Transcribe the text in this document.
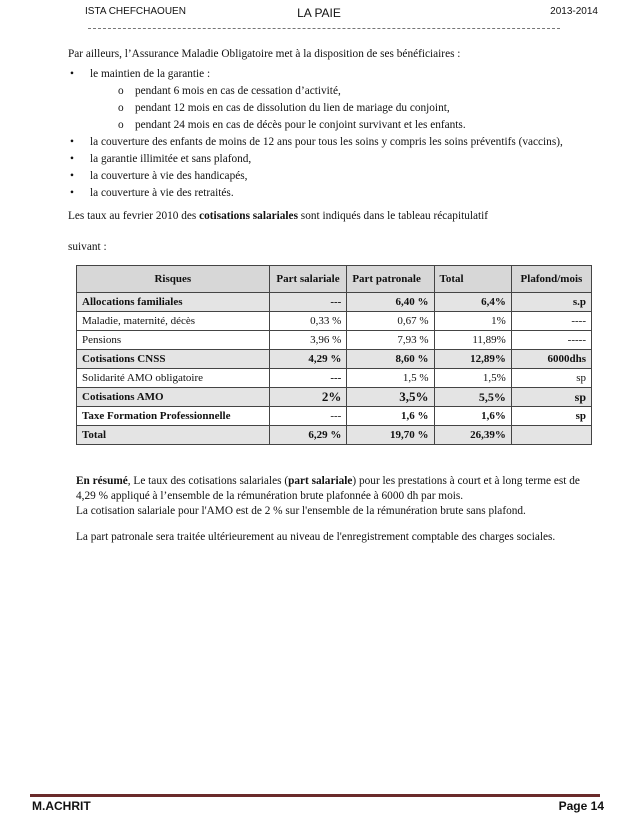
ISTA CHEFCHAOUEN	LA PAIE	2013-2014

Par ailleurs, l’Assurance Maladie Obligatoire met à la disposition de ses bénéficiaires :

• le maintien de la garantie :
o pendant 6 mois en cas de cessation d’activité,
o pendant 12 mois en cas de dissolution du lien de mariage du conjoint,
o pendant 24 mois en cas de décès pour le conjoint survivant et les enfants.
• la couverture des enfants de moins de 12 ans pour tous les soins y compris les soins préventifs (vaccins),
• la garantie illimitée et sans plafond,
• la couverture à vie des handicapés,
• la couverture à vie des retraités.

Les taux au fevrier 2010 des cotisations salariales sont indiqués dans le tableau récapitulatif

suivant :

Risques	Part salariale	Part patronale	Total	Plafond/mois
Allocations familiales	---	6,40 %	6,4%	s.p
Maladie, maternité, décès	0,33 %	0,67 %	1%	----
Pensions	3,96 %	7,93 %	11,89%	-----
Cotisations CNSS	4,29 %	8,60 %	12,89%	6000dhs
Solidarité AMO obligatoire	---	1,5 %	1,5%	sp
Cotisations AMO	2%	3,5%	5,5%	sp
Taxe Formation Professionnelle	---	1,6 %	1,6%	sp
Total	6,29 %	19,70 %	26,39%	

En résumé, Le taux des cotisations salariales (part salariale) pour les prestations à court et à long terme est de 4,29 % appliqué à l’ensemble de la rémunération brute plafonnée à 6000 dh par mois.

La cotisation salariale pour l'AMO est de 2 % sur l'ensemble de la rémunération brute sans plafond.

La part patronale sera traitée ultérieurement au niveau de l'enregistrement comptable des charges sociales.

M.ACHRIT	Page 14
